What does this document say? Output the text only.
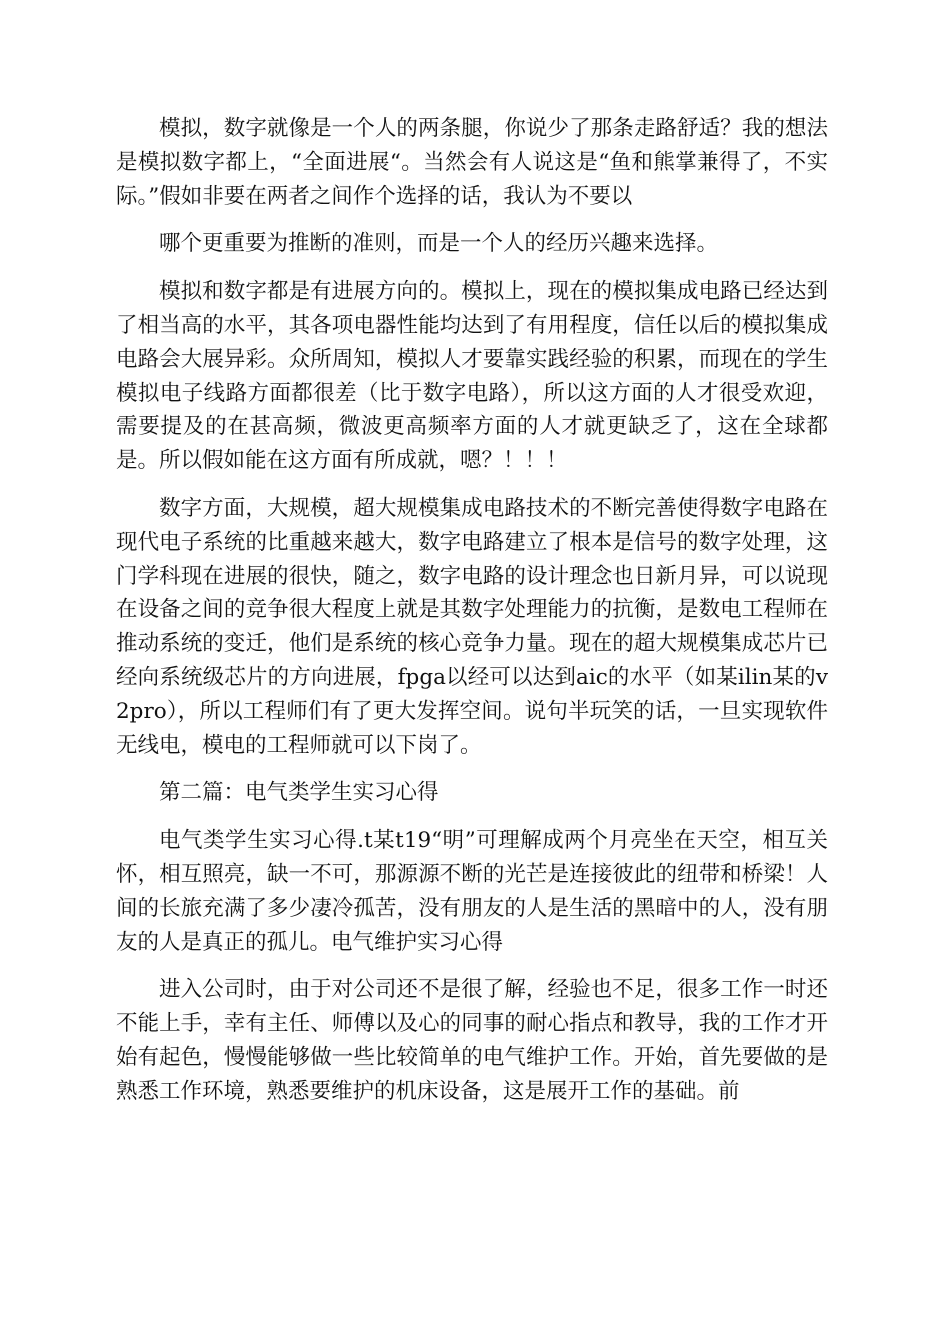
模拟，数字就像是一个人的两条腿，你说少了那条走路舒适？我的想法是模拟数字都上，“全面进展“。当然会有人说这是“鱼和熊掌兼得了，不实际。”假如非要在两者之间作个选择的话，我认为不要以

哪个更重要为推断的准则，而是一个人的经历兴趣来选择。

模拟和数字都是有进展方向的。模拟上，现在的模拟集成电路已经达到了相当高的水平，其各项电器性能均达到了有用程度，信任以后的模拟集成电路会大展异彩。众所周知，模拟人才要靠实践经验的积累，而现在的学生模拟电子线路方面都很差（比于数字电路），所以这方面的人才很受欢迎，需要提及的在甚高频，微波更高频率方面的人才就更缺乏了，这在全球都是。所以假如能在这方面有所成就，嗯？！！！

数字方面，大规模，超大规模集成电路技术的不断完善使得数字电路在现代电子系统的比重越来越大，数字电路建立了根本是信号的数字处理，这门学科现在进展的很快，随之，数字电路的设计理念也日新月异，可以说现在设备之间的竞争很大程度上就是其数字处理能力的抗衡，是数电工程师在推动系统的变迁，他们是系统的核心竞争力量。现在的超大规模集成芯片已经向系统级芯片的方向进展，fpga以经可以达到aic的水平（如某ilin某的v2pro），所以工程师们有了更大发挥空间。说句半玩笑的话，一旦实现软件无线电，模电的工程师就可以下岗了。

第二篇：电气类学生实习心得

电气类学生实习心得.t某t19“明”可理解成两个月亮坐在天空，相互关怀，相互照亮，缺一不可，那源源不断的光芒是连接彼此的纽带和桥梁！人间的长旅充满了多少凄冷孤苦，没有朋友的人是生活的黑暗中的人，没有朋友的人是真正的孤儿。电气维护实习心得

进入公司时，由于对公司还不是很了解，经验也不足，很多工作一时还不能上手，幸有主任、师傅以及心的同事的耐心指点和教导，我的工作才开始有起色，慢慢能够做一些比较简单的电气维护工作。开始，首先要做的是熟悉工作环境，熟悉要维护的机床设备，这是展开工作的基础。前
